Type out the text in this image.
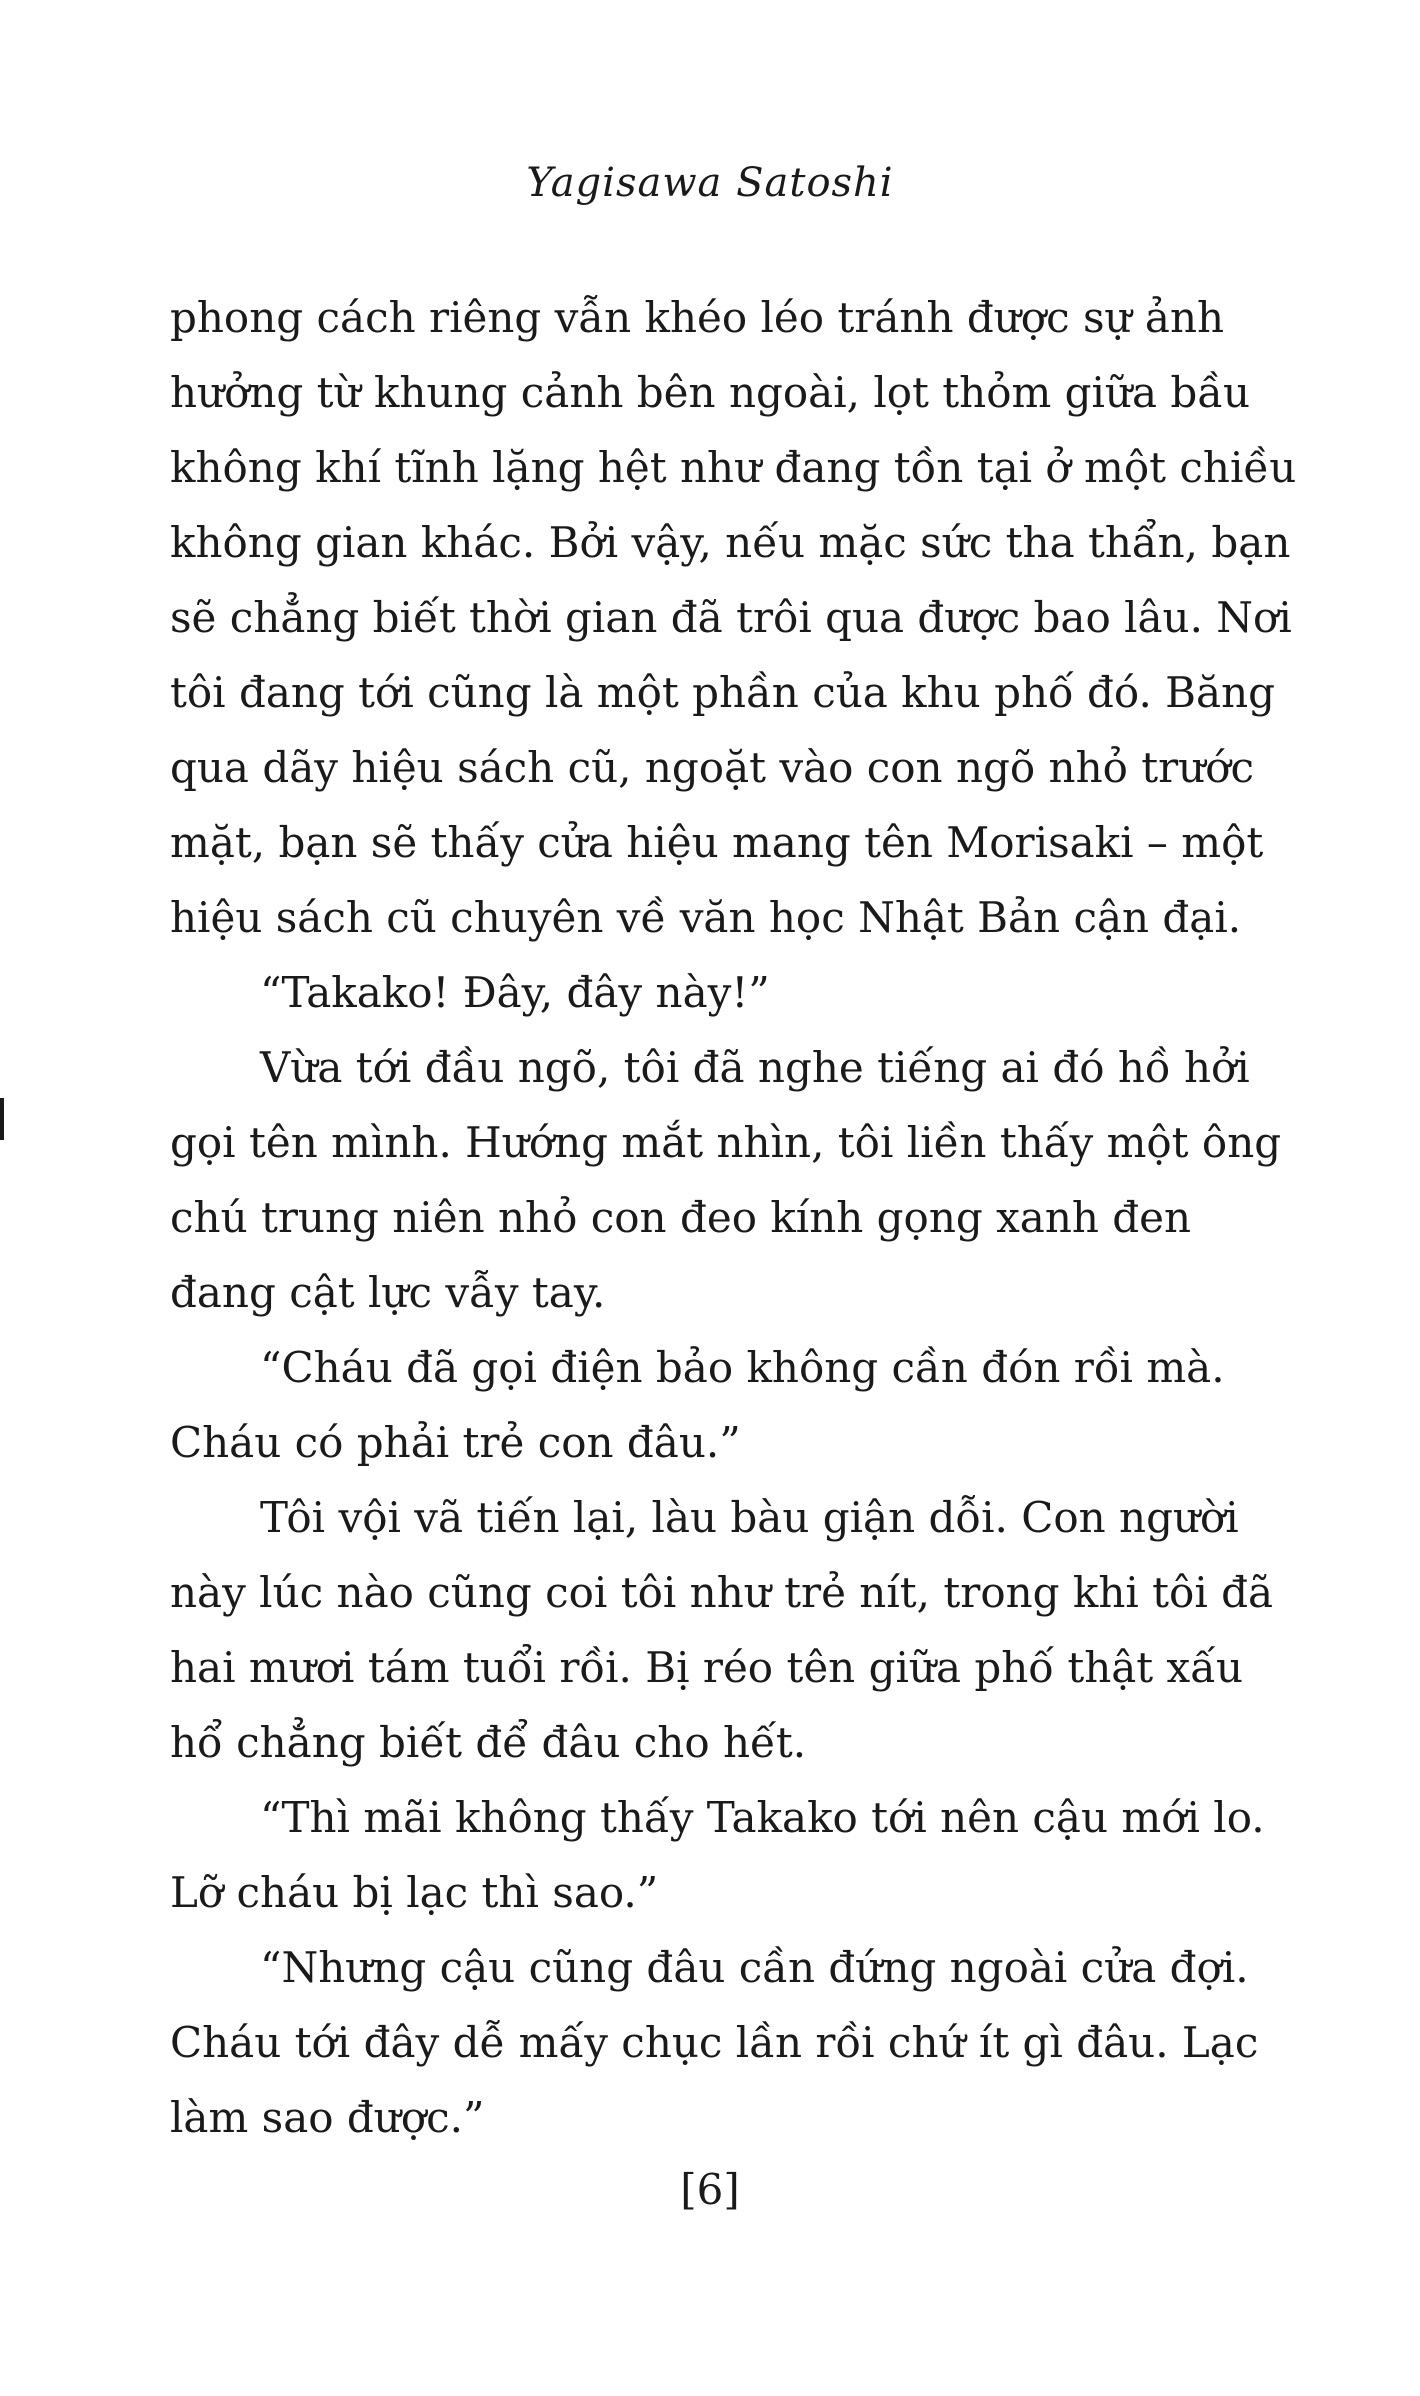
Yagisawa Satoshi

phong cách riêng vẫn khéo léo tránh được sự ảnh hưởng từ khung cảnh bên ngoài, lọt thỏm giữa bầu không khí tĩnh lặng hệt như đang tồn tại ở một chiều không gian khác. Bởi vậy, nếu mặc sức tha thẩn, bạn sẽ chẳng biết thời gian đã trôi qua được bao lâu. Nơi tôi đang tới cũng là một phần của khu phố đó. Băng qua dãy hiệu sách cũ, ngoặt vào con ngõ nhỏ trước mặt, bạn sẽ thấy cửa hiệu mang tên Morisaki – một hiệu sách cũ chuyên về văn học Nhật Bản cận đại.

“Takako! Đây, đây này!”

Vừa tới đầu ngõ, tôi đã nghe tiếng ai đó hồ hởi gọi tên mình. Hướng mắt nhìn, tôi liền thấy một ông chú trung niên nhỏ con đeo kính gọng xanh đen đang cật lực vẫy tay.

“Cháu đã gọi điện bảo không cần đón rồi mà. Cháu có phải trẻ con đâu.”

Tôi vội vã tiến lại, làu bàu giận dỗi. Con người này lúc nào cũng coi tôi như trẻ nít, trong khi tôi đã hai mươi tám tuổi rồi. Bị réo tên giữa phố thật xấu hổ chẳng biết để đâu cho hết.

“Thì mãi không thấy Takako tới nên cậu mới lo. Lỡ cháu bị lạc thì sao.”

“Nhưng cậu cũng đâu cần đứng ngoài cửa đợi. Cháu tới đây dễ mấy chục lần rồi chứ ít gì đâu. Lạc làm sao được.”

[6]
